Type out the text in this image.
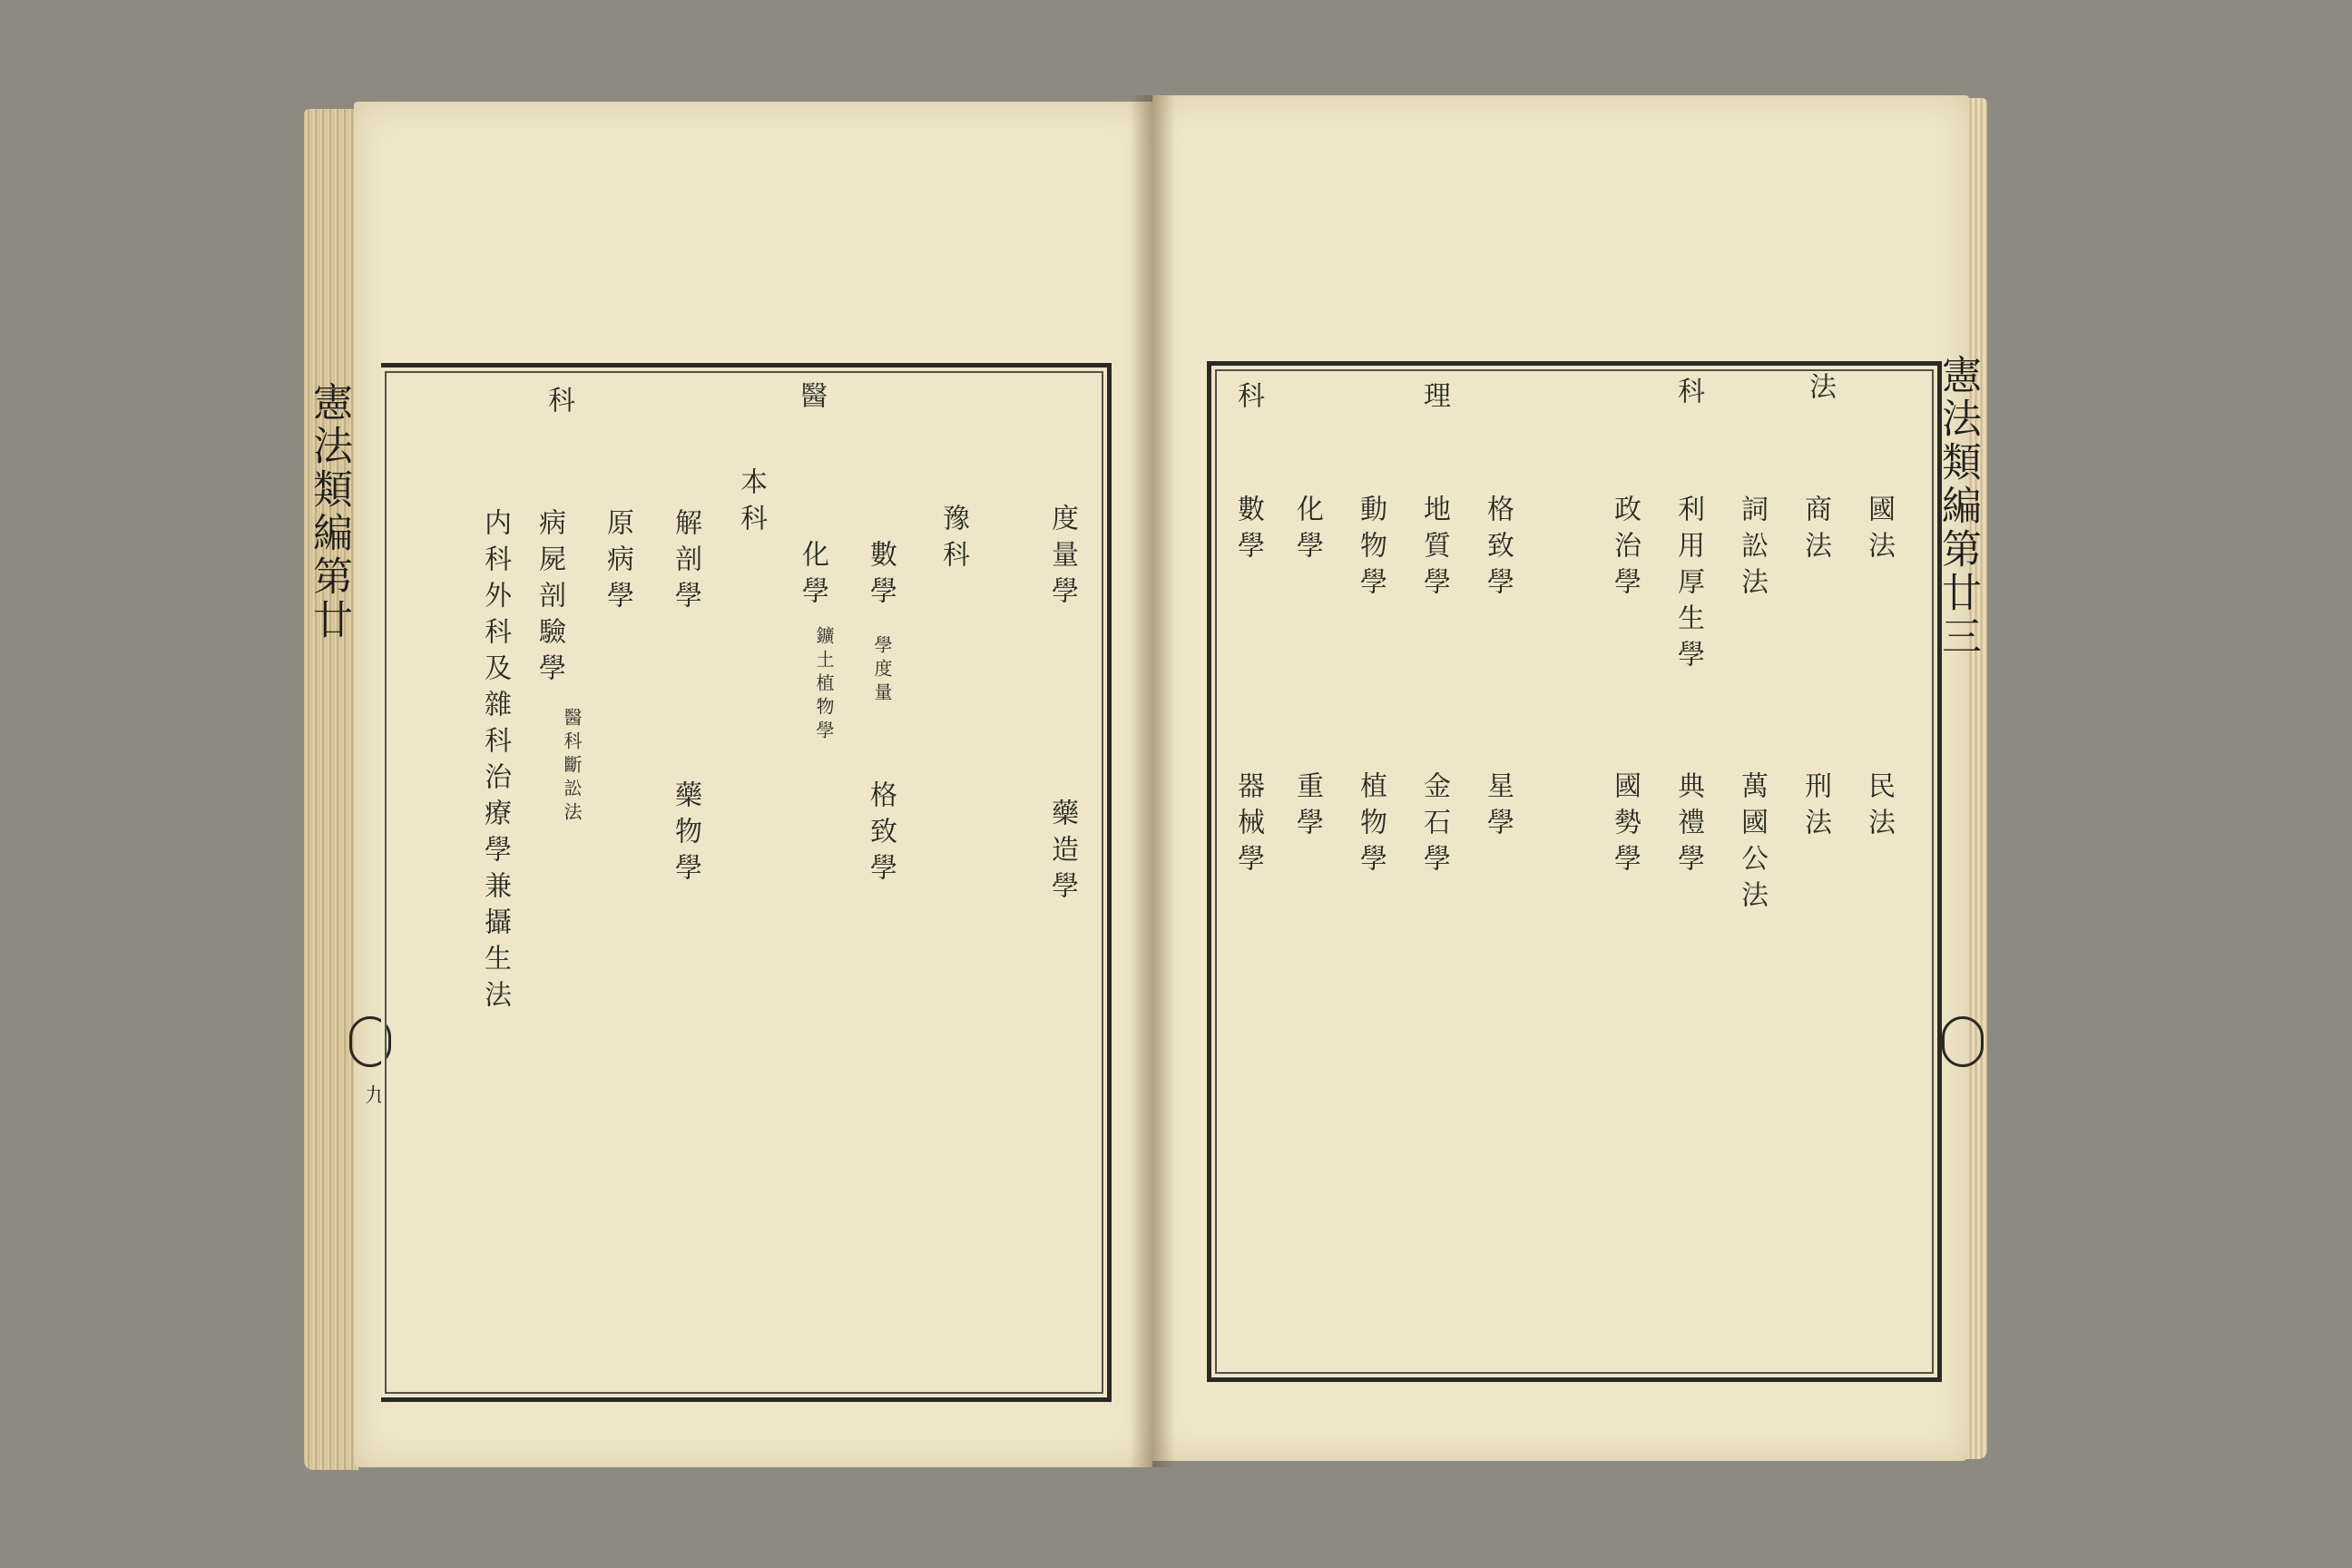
憲法類編第廿	憲法類編第廿三
九
度量學
藥造學
豫科
數學
學度量
格致學
化學
鑛土植物學
醫
本科
解剖學
藥物學
原病學
病屍剖驗學
醫科斷訟法
内科外科及雜科治療學兼攝生法
科
國法
民法
商法
刑法
法
詞訟法
萬國公法
利用厚生學
典禮學
科
政治學
國勢學
格致學
星學
理
地質學
金石學
動物學
植物學
化學
重學
數學
器械學
科
